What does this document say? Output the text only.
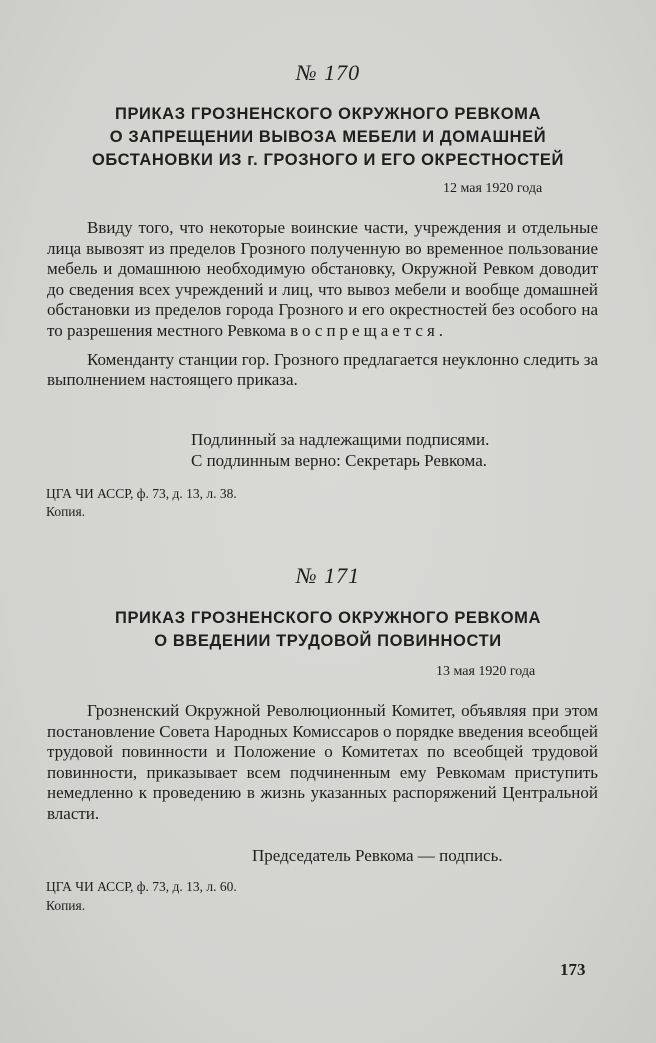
№ 170
ПРИКАЗ ГРОЗНЕНСКОГО ОКРУЖНОГО РЕВКОМА
О ЗАПРЕЩЕНИИ ВЫВОЗА МЕБЕЛИ И ДОМАШНЕЙ
ОБСТАНОВКИ ИЗ г. ГРОЗНОГО И ЕГО ОКРЕСТНОСТЕЙ
12 мая 1920 года

Ввиду того, что некоторые воинские части, учреждения и отдельные лица вывозят из пределов Грозного полученную во временное пользование мебель и домашнюю необходимую обстановку, Окружной Ревком доводит до сведения всех учреждений и лиц, что вывоз мебели и вообще домашней обстановки из пределов города Грозного и его окрестностей без особого на то разрешения местного Ревкома воспрещается.

Коменданту станции гор. Грозного предлагается неуклонно следить за выполнением настоящего приказа.

Подлинный за надлежащими подписями.
С подлинным верно: Секретарь Ревкома.
ЦГА ЧИ АССР, ф. 73, д. 13, л. 38.
Копия.
№ 171
ПРИКАЗ ГРОЗНЕНСКОГО ОКРУЖНОГО РЕВКОМА
О ВВЕДЕНИИ ТРУДОВОЙ ПОВИННОСТИ
13 мая 1920 года

Грозненский Окружной Революционный Комитет, объявляя при этом постановление Совета Народных Комиссаров о порядке введения всеобщей трудовой повинности и Положение о Комитетах по всеобщей трудовой повинности, приказывает всем подчиненным ему Ревкомам приступить немедленно к проведению в жизнь указанных распоряжений Центральной власти.

Председатель Ревкома — подпись.
ЦГА ЧИ АССР, ф. 73, д. 13, л. 60.
Копия.
173
